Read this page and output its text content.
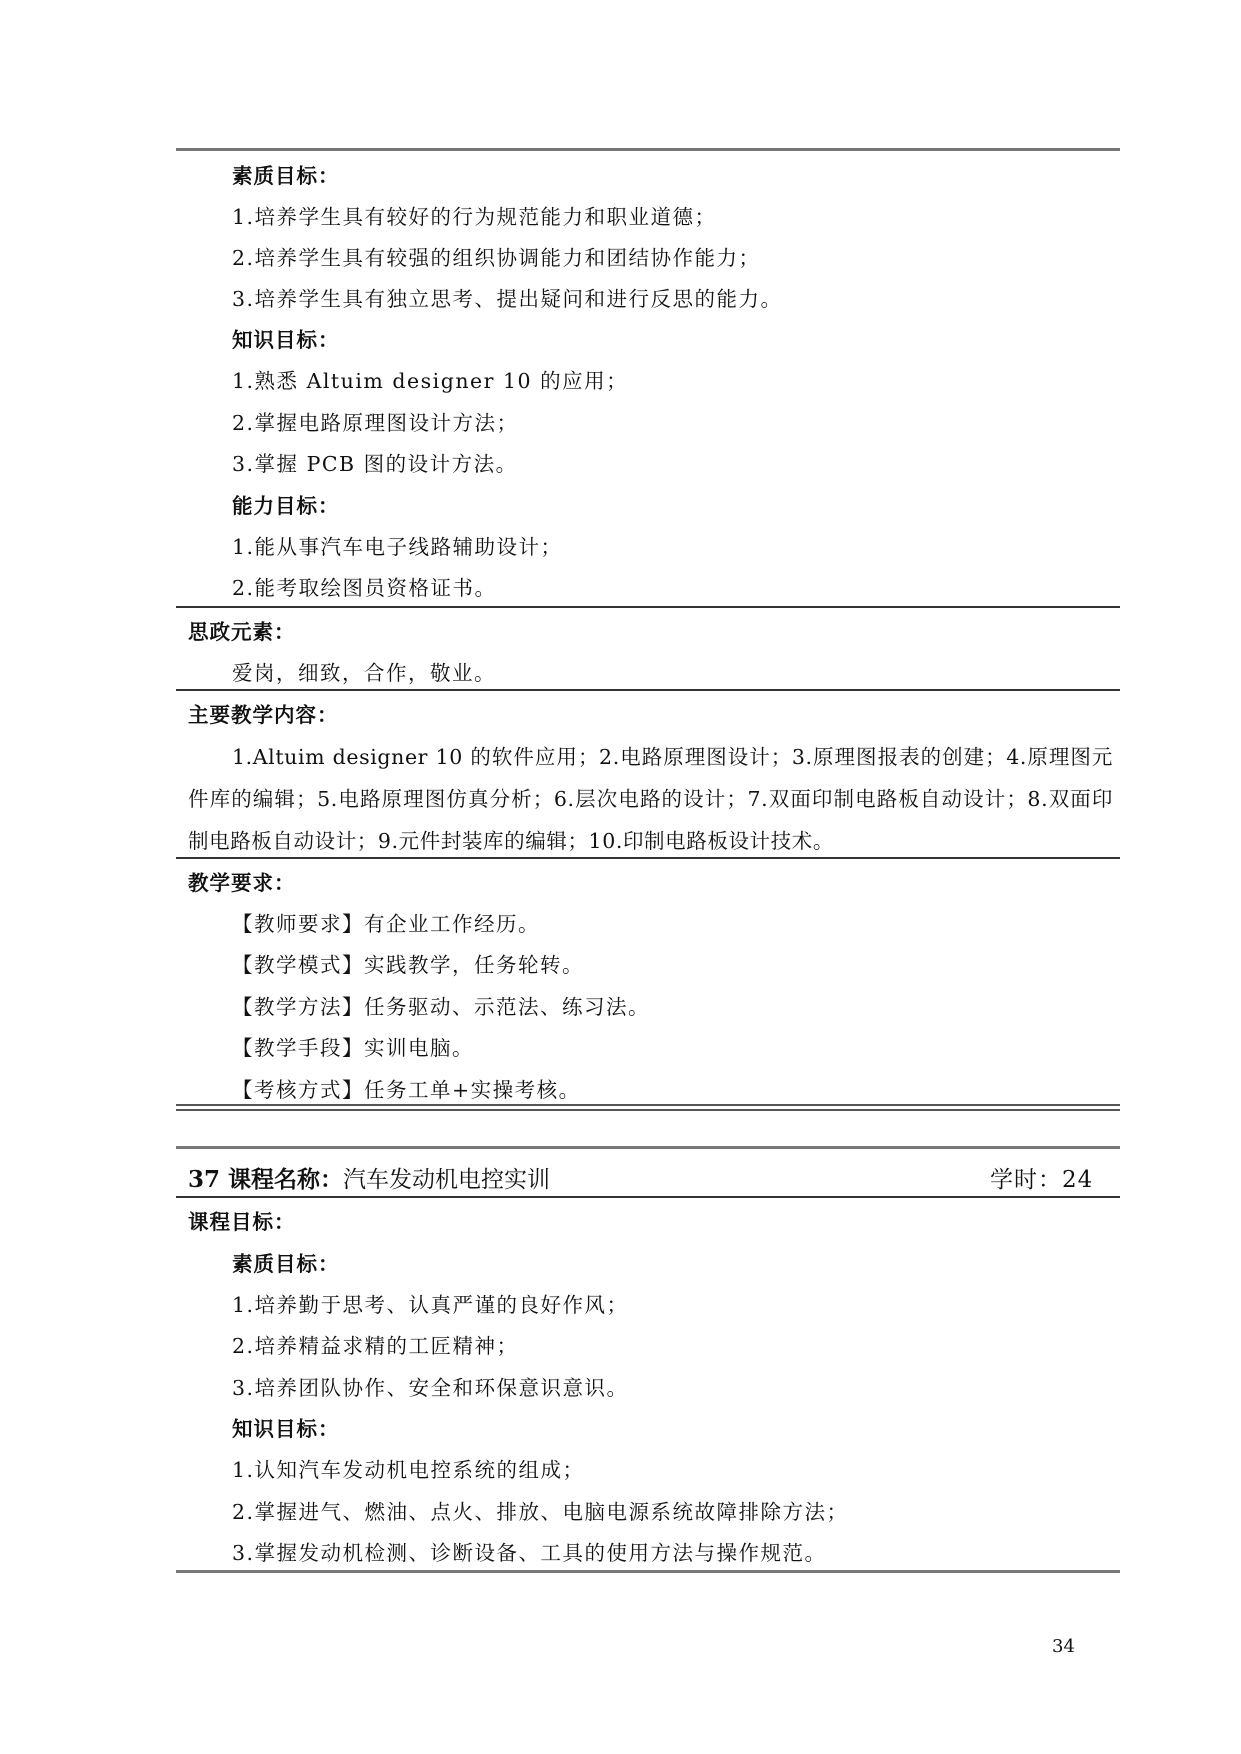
素质目标：
1.培养学生具有较好的行为规范能力和职业道德；
2.培养学生具有较强的组织协调能力和团结协作能力；
3.培养学生具有独立思考、提出疑问和进行反思的能力。
知识目标：
1.熟悉 Altuim designer 10 的应用；
2.掌握电路原理图设计方法；
3.掌握 PCB 图的设计方法。
能力目标：
1.能从事汽车电子线路辅助设计；
2.能考取绘图员资格证书。
思政元素：
爱岗，细致，合作，敬业。
主要教学内容：
1.Altuim designer 10 的软件应用；2.电路原理图设计；3.原理图报表的创建；4.原理图元件库的编辑；5.电路原理图仿真分析；6.层次电路的设计；7.双面印制电路板自动设计；8.双面印制电路板自动设计；9.元件封装库的编辑；10.印制电路板设计技术。
教学要求：
【教师要求】有企业工作经历。
【教学模式】实践教学，任务轮转。
【教学方法】任务驱动、示范法、练习法。
【教学手段】实训电脑。
【考核方式】任务工单+实操考核。
37 课程名称：汽车发动机电控实训	学时：24
课程目标：
素质目标：
1.培养勤于思考、认真严谨的良好作风；
2.培养精益求精的工匠精神；
3.培养团队协作、安全和环保意识意识。
知识目标：
1.认知汽车发动机电控系统的组成；
2.掌握进气、燃油、点火、排放、电脑电源系统故障排除方法；
3.掌握发动机检测、诊断设备、工具的使用方法与操作规范。
34
